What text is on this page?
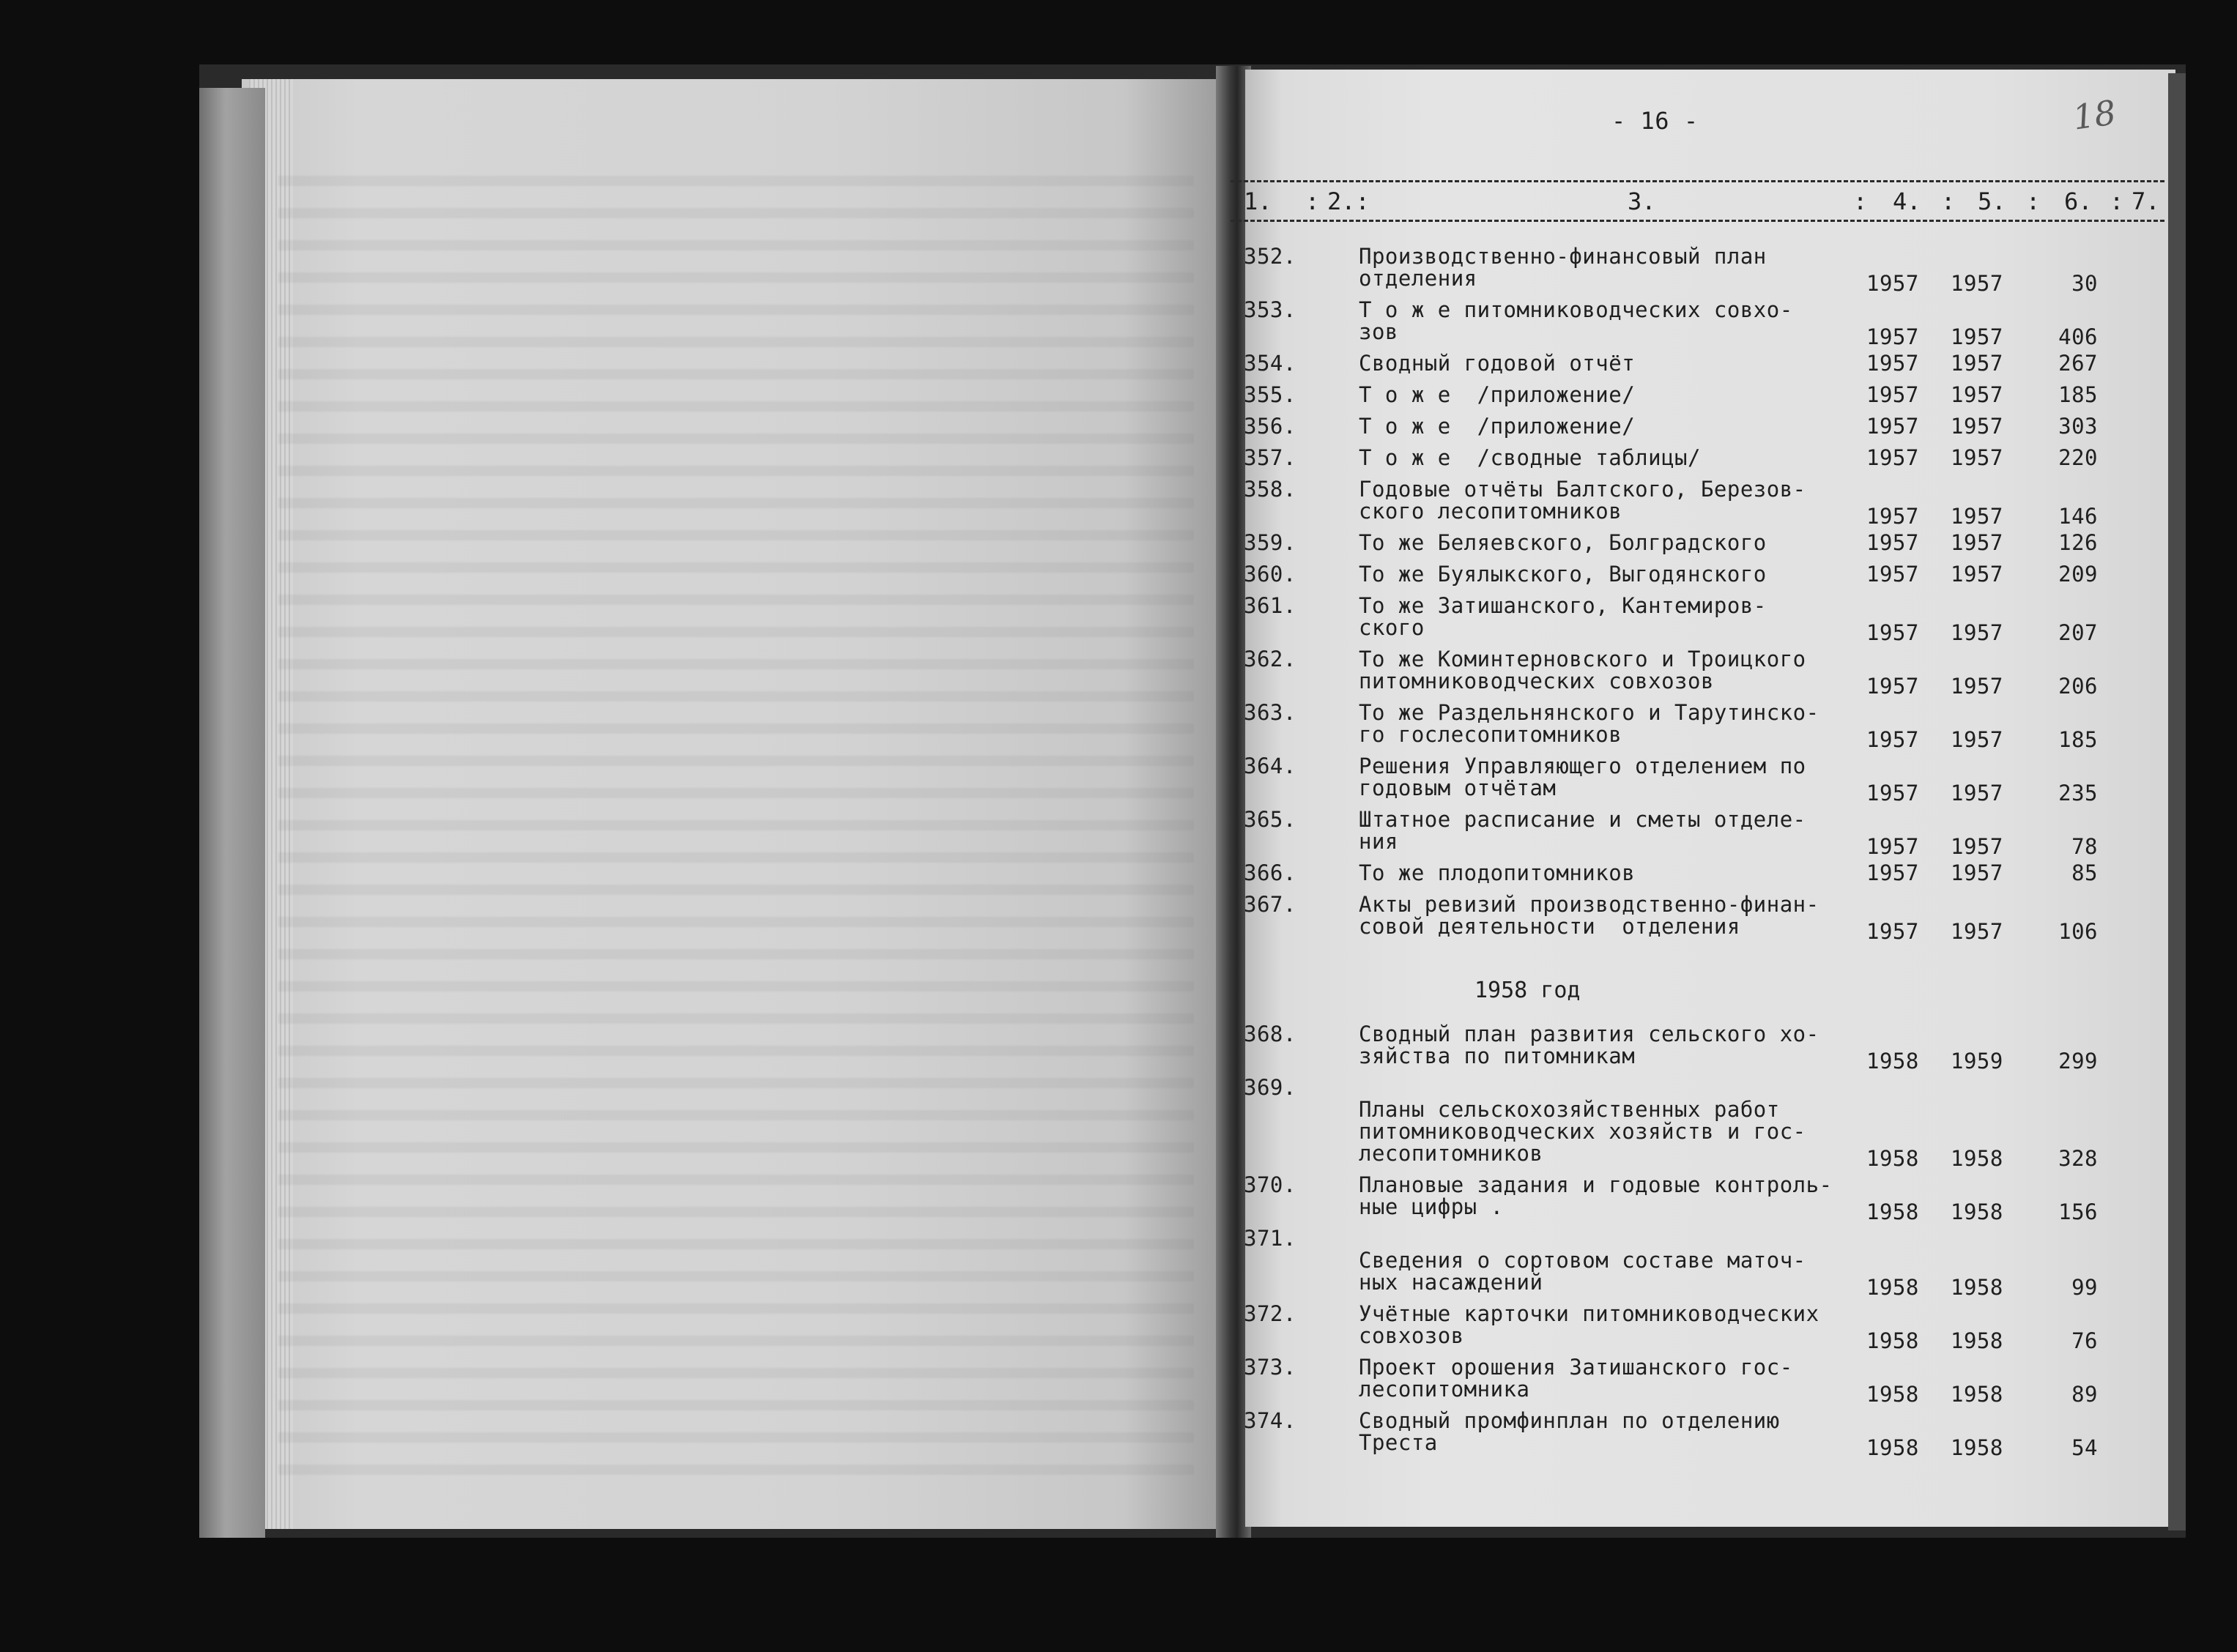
- 16 -	18
1. : 2.:	3.	: 4. : 5. : 6. : 7.
352.	Производственно-финансовый план
отделения	1957 1957	30
353.	Т о ж е питомниководческих совхо-
зов	1957 1957	406
354.	Сводный годовой отчёт	1957 1957	267
355.	Т о ж е  /приложение/	1957 1957	185
356.	Т о ж е  /приложение/	1957 1957	303
357.	Т о ж е  /сводные таблицы/	1957 1957	220
358.	Годовые отчёты Балтского, Березов-
ского лесопитомников	1957 1957	146
359.	То же Беляевского, Болградского	1957 1957	126
360.	То же Буялыкского, Выгодянского	1957 1957	209
361.	То же Затишанского, Кантемиров-
ского	1957 1957	207
362.	То же Коминтерновского и Троицкого
питомниководческих совхозов	1957 1957	206
363.	То же Раздельнянского и Тарутинско-
го гослесопитомников	1957 1957	185
364.	Решения Управляющего отделением по
годовым отчётам	1957 1957	235
365.	Штатное расписание и сметы отделе-
ния	1957 1957	78
366.	То же плодопитомников	1957 1957	85
367.	Акты ревизий производственно-финан-
совой деятельности  отделения	1957 1957	106
368.	Сводный план развития сельского хо-
зяйства по питомникам	1958 1959	299
369.
Планы сельскохозяйственных работ
питомниководческих хозяйств и гос-
лесопитомников	1958 1958	328
370.	Плановые задания и годовые контроль-
ные цифры .	1958 1958	156
371.
Сведения о сортовом составе маточ-
ных насаждений	1958 1958	99
372.	Учётные карточки питомниководческих
совхозов	1958 1958	76
373.	Проект орошения Затишанского гос-
лесопитомника	1958 1958	89
374.	Сводный промфинплан по отделению
Треста	1958 1958	54
1958 год
